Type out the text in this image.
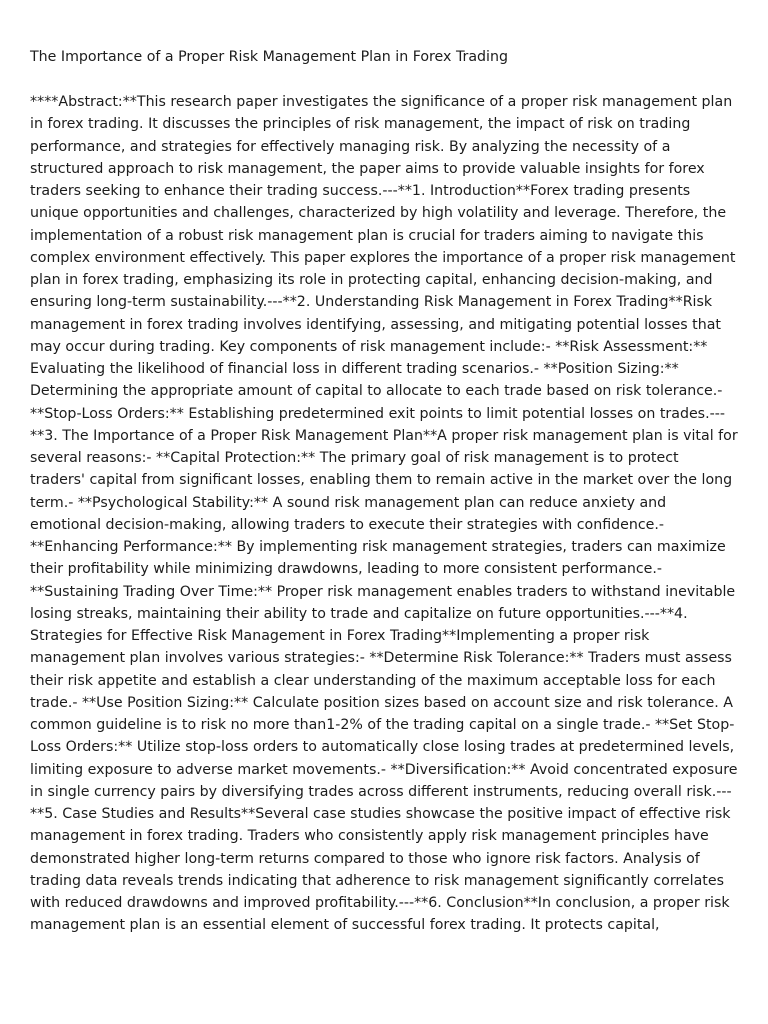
The Importance of a Proper Risk Management Plan in Forex Trading

****Abstract:**This research paper investigates the significance of a proper risk management plan in forex trading. It discusses the principles of risk management, the impact of risk on trading performance, and strategies for effectively managing risk. By analyzing the necessity of a structured approach to risk management, the paper aims to provide valuable insights for forex traders seeking to enhance their trading success.---**1. Introduction**Forex trading presents unique opportunities and challenges, characterized by high volatility and leverage. Therefore, the implementation of a robust risk management plan is crucial for traders aiming to navigate this complex environment effectively. This paper explores the importance of a proper risk management plan in forex trading, emphasizing its role in protecting capital, enhancing decision-making, and ensuring long-term sustainability.---**2. Understanding Risk Management in Forex Trading**Risk management in forex trading involves identifying, assessing, and mitigating potential losses that may occur during trading. Key components of risk management include:- **Risk Assessment:** Evaluating the likelihood of financial loss in different trading scenarios.- **Position Sizing:** Determining the appropriate amount of capital to allocate to each trade based on risk tolerance.- **Stop-Loss Orders:** Establishing predetermined exit points to limit potential losses on trades.---**3. The Importance of a Proper Risk Management Plan**A proper risk management plan is vital for several reasons:- **Capital Protection:** The primary goal of risk management is to protect traders' capital from significant losses, enabling them to remain active in the market over the long term.- **Psychological Stability:** A sound risk management plan can reduce anxiety and emotional decision-making, allowing traders to execute their strategies with confidence.- **Enhancing Performance:** By implementing risk management strategies, traders can maximize their profitability while minimizing drawdowns, leading to more consistent performance.- **Sustaining Trading Over Time:** Proper risk management enables traders to withstand inevitable losing streaks, maintaining their ability to trade and capitalize on future opportunities.---**4. Strategies for Effective Risk Management in Forex Trading**Implementing a proper risk management plan involves various strategies:- **Determine Risk Tolerance:** Traders must assess their risk appetite and establish a clear understanding of the maximum acceptable loss for each trade.- **Use Position Sizing:** Calculate position sizes based on account size and risk tolerance. A common guideline is to risk no more than1-2% of the trading capital on a single trade.- **Set Stop-Loss Orders:** Utilize stop-loss orders to automatically close losing trades at predetermined levels, limiting exposure to adverse market movements.- **Diversification:** Avoid concentrated exposure in single currency pairs by diversifying trades across different instruments, reducing overall risk.---**5. Case Studies and Results**Several case studies showcase the positive impact of effective risk management in forex trading. Traders who consistently apply risk management principles have demonstrated higher long-term returns compared to those who ignore risk factors. Analysis of trading data reveals trends indicating that adherence to risk management significantly correlates with reduced drawdowns and improved profitability.---**6. Conclusion**In conclusion, a proper risk management plan is an essential element of successful forex trading. It protects capital,
